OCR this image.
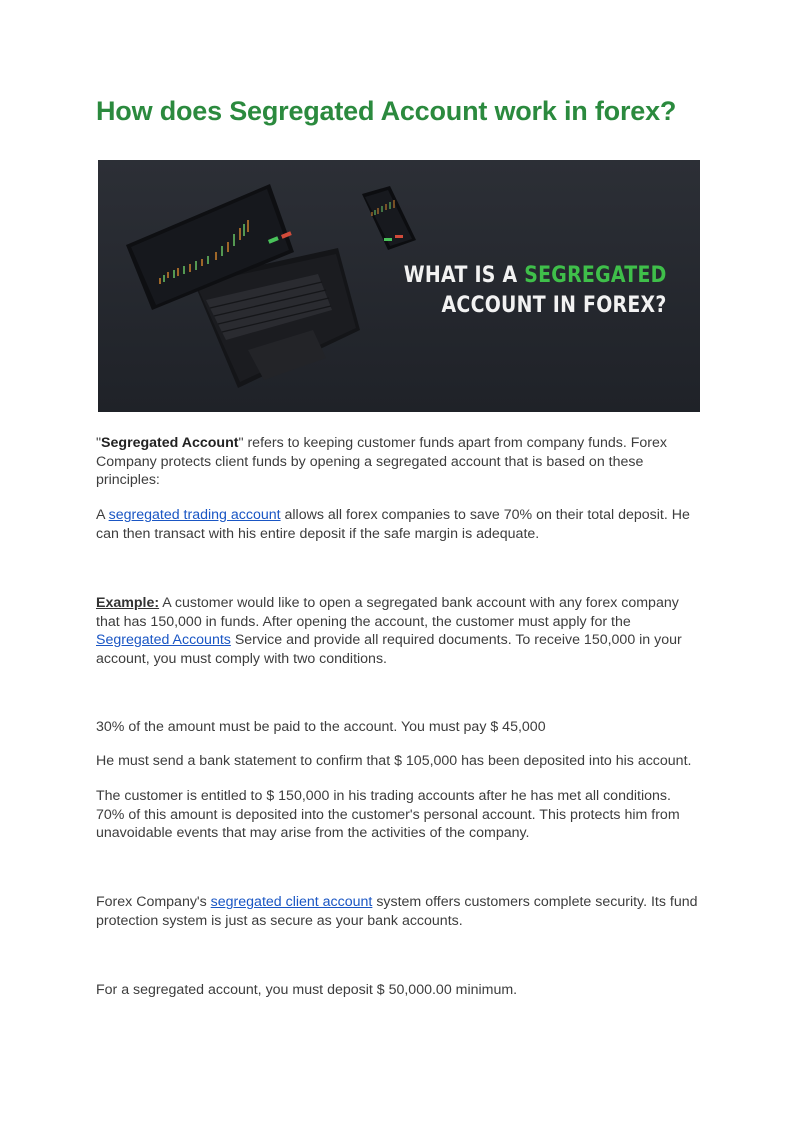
How does Segregated Account work in forex?
WHAT IS A SEGREGATED
ACCOUNT IN FOREX?

"Segregated Account" refers to keeping customer funds apart from company funds. Forex Company protects client funds by opening a segregated account that is based on these principles:

A segregated trading account allows all forex companies to save 70% on their total deposit. He can then transact with his entire deposit if the safe margin is adequate.

Example: A customer would like to open a segregated bank account with any forex company that has 150,000 in funds. After opening the account, the customer must apply for the Segregated Accounts Service and provide all required documents. To receive 150,000 in your account, you must comply with two conditions.

30% of the amount must be paid to the account. You must pay $ 45,000

He must send a bank statement to confirm that $ 105,000 has been deposited into his account.

The customer is entitled to $ 150,000 in his trading accounts after he has met all conditions. 70% of this amount is deposited into the customer's personal account. This protects him from unavoidable events that may arise from the activities of the company.

Forex Company's segregated client account system offers customers complete security. Its fund protection system is just as secure as your bank accounts.

For a segregated account, you must deposit $ 50,000.00 minimum.
